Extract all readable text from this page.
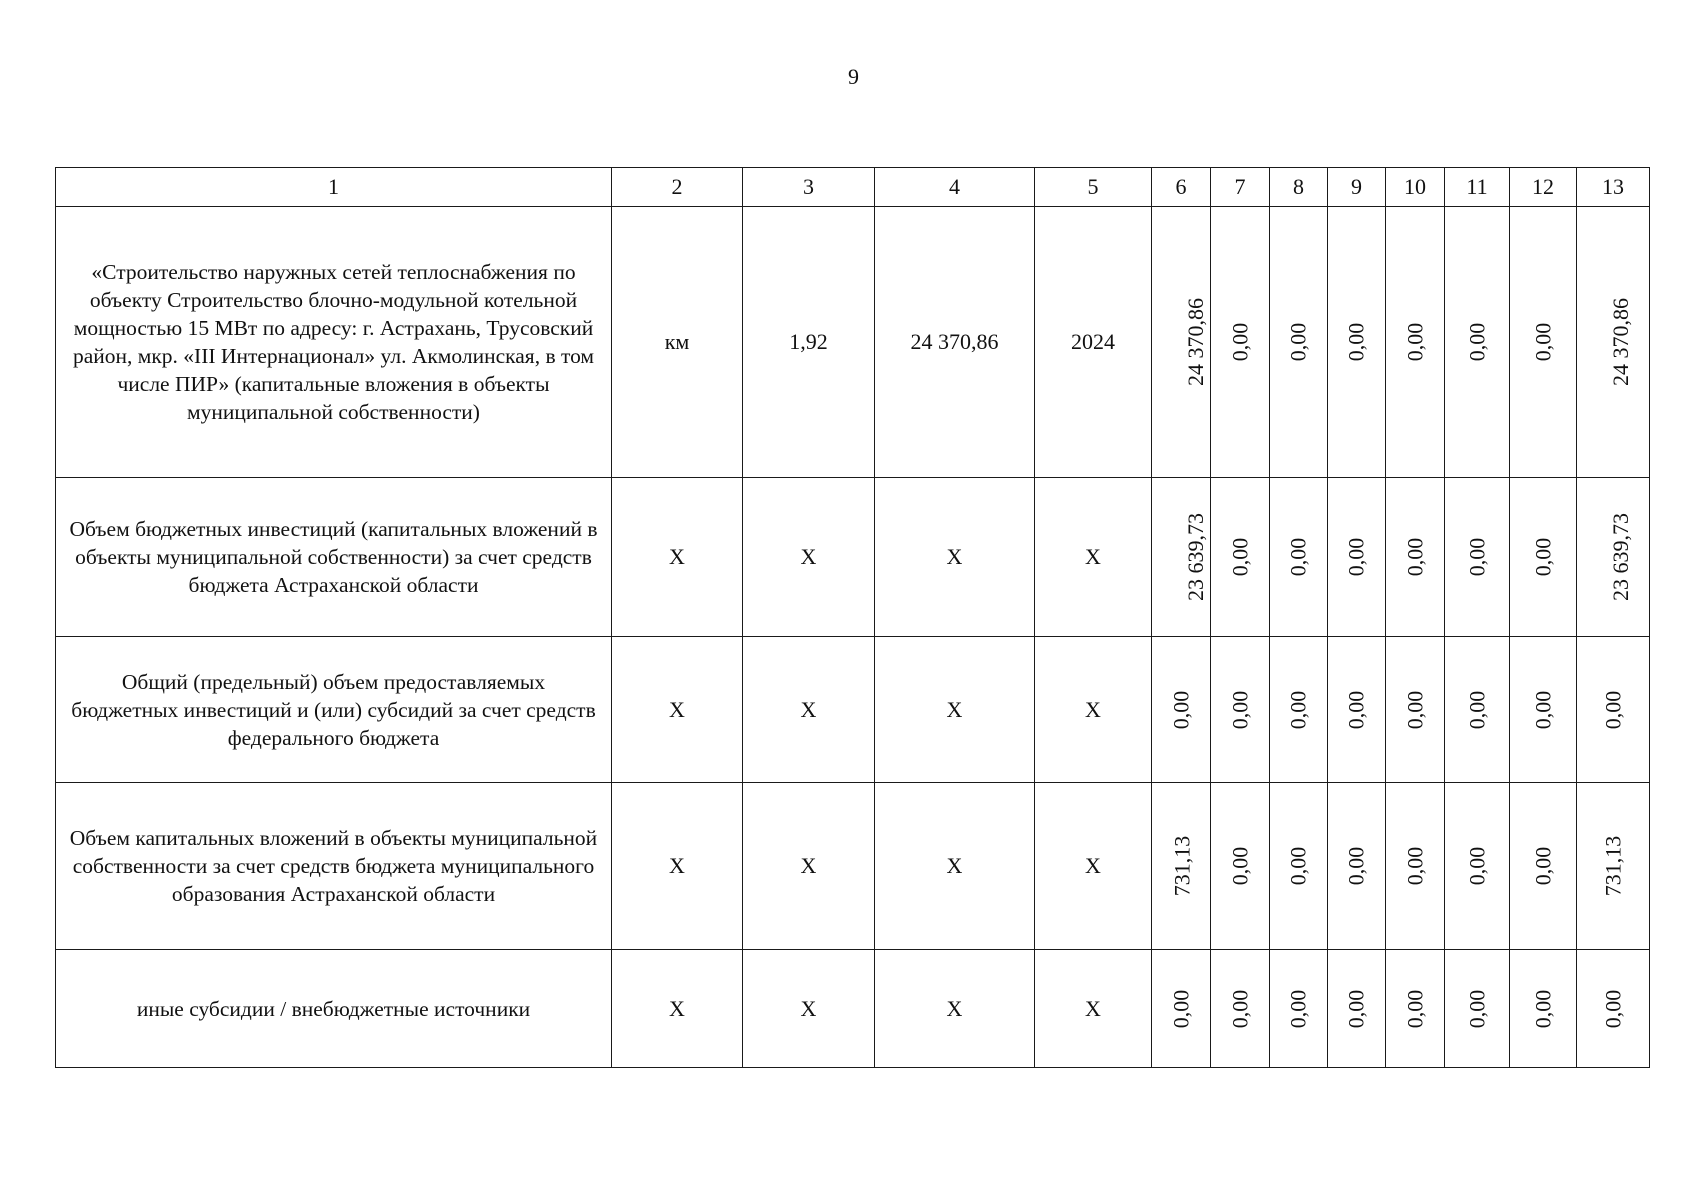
9
1	2	3	4	5	6	7	8	9	10	11	12	13
«Строительство наружных сетей теплоснабжения по объекту Строительство блочно-модульной котельной мощностью 15 МВт по адресу: г. Астрахань, Трусовский район, мкр. «III Интернационал» ул. Акмолинская, в том числе ПИР» (капитальные вложения в объекты муниципальной собственности)	км	1,92	24 370,86	2024	24 370,86	0,00	0,00	0,00	0,00	0,00	0,00	24 370,86
Объем бюджетных инвестиций (капитальных вложений в объекты муниципальной собственности) за счет средств бюджета Астраханской области	Х	Х	Х	Х	23 639,73	0,00	0,00	0,00	0,00	0,00	0,00	23 639,73
Общий (предельный) объем предоставляемых бюджетных инвестиций и (или) субсидий за счет средств федерального бюджета	Х	Х	Х	Х	0,00	0,00	0,00	0,00	0,00	0,00	0,00	0,00
Объем капитальных вложений в объекты муниципальной собственности за счет средств бюджета муниципального образования Астраханской области	Х	Х	Х	Х	731,13	0,00	0,00	0,00	0,00	0,00	0,00	731,13
иные субсидии / внебюджетные источники	Х	Х	Х	Х	0,00	0,00	0,00	0,00	0,00	0,00	0,00	0,00
